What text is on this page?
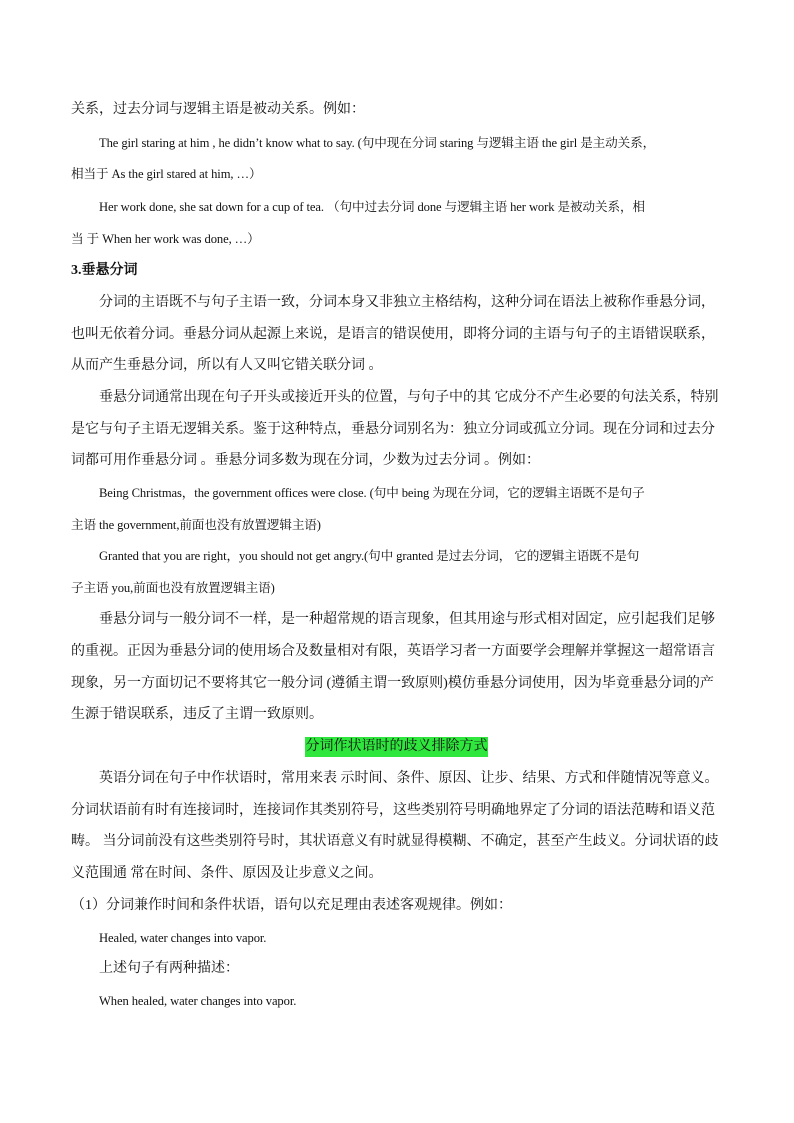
关系，过去分词与逻辑主语是被动关系。例如：
The girl staring at him , he didn’t know what to say. (句中现在分词 staring 与逻辑主语 the girl 是主动关系，
相当于 As the girl stared at him, …）
Her work done, she sat down for a cup of tea. （句中过去分词 done 与逻辑主语 her work 是被动关系，相
当 于 When her work was done, …）
3.垂悬分词
分词的主语既不与句子主语一致，分词本身又非独立主格结构，这种分词在语法上被称作垂悬分词，
也叫无依着分词。垂悬分词从起源上来说，是语言的错误使用，即将分词的主语与句子的主语错误联系，
从而产生垂悬分词，所以有人又叫它错关联分词 。
垂悬分词通常出现在句子开头或接近开头的位置，与句子中的其 它成分不产生必要的句法关系，特别
是它与句子主语无逻辑关系。鉴于这种特点，垂悬分词别名为：独立分词或孤立分词。现在分词和过去分
词都可用作垂悬分词 。垂悬分词多数为现在分词，少数为过去分词 。例如：
Being Christmas，the government offices were close. (句中 being 为现在分词，它的逻辑主语既不是句子
主语 the government,前面也没有放置逻辑主语)
Granted that you are right，you should not get angry.(句中 granted 是过去分词， 它的逻辑主语既不是句
子主语 you,前面也没有放置逻辑主语)
垂悬分词与一般分词不一样，是一种超常规的语言现象，但其用途与形式相对固定，应引起我们足够
的重视。正因为垂悬分词的使用场合及数量相对有限，英语学习者一方面要学会理解并掌握这一超常语言
现象，另一方面切记不要将其它一般分词 (遵循主谓一致原则)模仿垂悬分词使用，因为毕竟垂悬分词的产
生源于错误联系，违反了主谓一致原则。
分词作状语时的歧义排除方式
英语分词在句子中作状语时，常用来表 示时间、条件、原因、让步、结果、方式和伴随情况等意义。
分词状语前有时有连接词时，连接词作其类别符号，这些类别符号明确地界定了分词的语法范畴和语义范
畴。 当分词前没有这些类别符号时，其状语意义有时就显得模糊、不确定，甚至产生歧义。分词状语的歧
义范围通 常在时间、条件、原因及让步意义之间。
（1）分词兼作时间和条件状语，语句以充足理由表述客观规律。例如：
Healed, water changes into vapor.
上述句子有两种描述：
When healed, water changes into vapor.
